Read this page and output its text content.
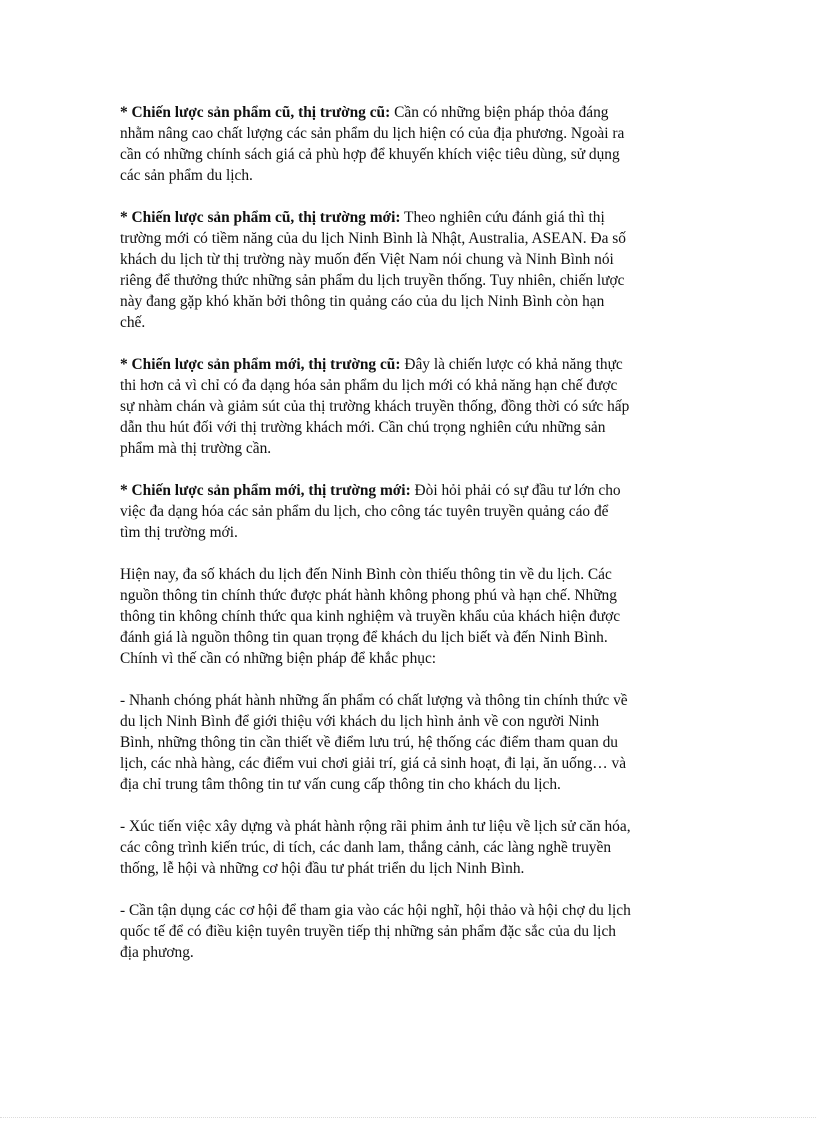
* Chiến lược sản phẩm cũ, thị trường cũ: Cần có những biện pháp thỏa đáng
nhằm nâng cao chất lượng các sản phẩm du lịch hiện có của địa phương. Ngoài ra
cần có những chính sách giá cả phù hợp để khuyến khích việc tiêu dùng, sử dụng
các sản phẩm du lịch.

* Chiến lược sản phẩm cũ, thị trường mới: Theo nghiên cứu đánh giá thì thị
trường mới có tiềm năng của du lịch Ninh Bình là Nhật, Australia, ASEAN. Đa số
khách du lịch từ thị trường này muốn đến Việt Nam nói chung và Ninh Bình nói
riêng để thưởng thức những sản phẩm du lịch truyền thống. Tuy nhiên, chiến lược
này đang gặp khó khăn bởi thông tin quảng cáo của du lịch Ninh Bình còn hạn
chế.

* Chiến lược sản phẩm mới, thị trường cũ: Đây là chiến lược có khả năng thực
thi hơn cả vì chỉ có đa dạng hóa sản phẩm du lịch mới có khả năng hạn chế được
sự nhàm chán và giảm sút của thị trường khách truyền thống, đồng thời có sức hấp
dẫn thu hút đối với thị trường khách mới. Cần chú trọng nghiên cứu những sản
phẩm mà thị trường cần.

* Chiến lược sản phẩm mới, thị trường mới: Đòi hỏi phải có sự đầu tư lớn cho
việc đa dạng hóa các sản phẩm du lịch, cho công tác tuyên truyền quảng cáo để
tìm thị trường mới.

Hiện nay, đa số khách du lịch đến Ninh Bình còn thiếu thông tin về du lịch. Các
nguồn thông tin chính thức được phát hành không phong phú và hạn chế. Những
thông tin không chính thức qua kinh nghiệm và truyền khẩu của khách hiện được
đánh giá là nguồn thông tin quan trọng để khách du lịch biết và đến Ninh Bình.
Chính vì thế cần có những biện pháp để khắc phục:

- Nhanh chóng phát hành những ấn phẩm có chất lượng và thông tin chính thức về
du lịch Ninh Bình để giới thiệu với khách du lịch hình ảnh về con người Ninh
Bình, những thông tin cần thiết về điểm lưu trú, hệ thống các điểm tham quan du
lịch, các nhà hàng, các điểm vui chơi giải trí, giá cả sinh hoạt, đi lại, ăn uống… và
địa chỉ trung tâm thông tin tư vấn cung cấp thông tin cho khách du lịch.

- Xúc tiến việc xây dựng và phát hành rộng rãi phim ảnh tư liệu về lịch sử căn hóa,
các công trình kiến trúc, di tích, các danh lam, thắng cảnh, các làng nghề truyền
thống, lễ hội và những cơ hội đầu tư phát triển du lịch Ninh Bình.

- Cần tận dụng các cơ hội để tham gia vào các hội nghĩ, hội thảo và hội chợ du lịch
quốc tế để có điều kiện tuyên truyền tiếp thị những sản phẩm đặc sắc của du lịch
địa phương.
